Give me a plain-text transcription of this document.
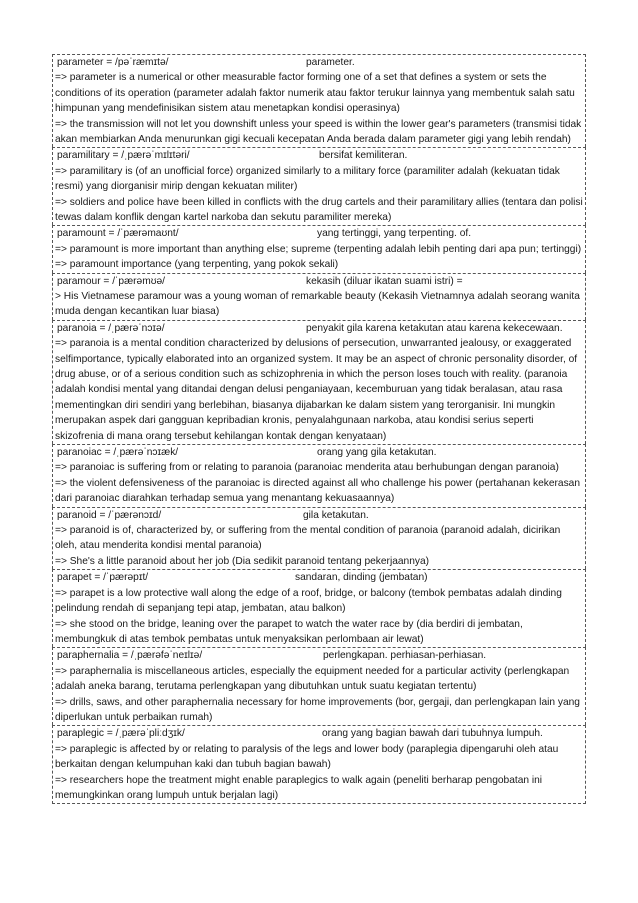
parameter = /pəˈræmɪtə/	parameter.
=> parameter is a numerical or other measurable factor forming one of a set that defines a system or sets the conditions of its operation (parameter adalah faktor numerik atau faktor terukur lainnya yang membentuk salah satu himpunan yang mendefinisikan sistem atau menetapkan kondisi operasinya)
=> the transmission will not let you downshift unless your speed is within the lower gear's parameters (transmisi tidak akan membiarkan Anda menurunkan gigi kecuali kecepatan Anda berada dalam parameter gigi yang lebih rendah)
paramilitary = /ˌpærəˈmɪlɪtəri/	bersifat kemiliteran.
=> paramilitary is (of an unofficial force) organized similarly to a military force (paramiliter adalah (kekuatan tidak resmi) yang diorganisir mirip dengan kekuatan militer)
=> soldiers and police have been killed in conflicts with the drug cartels and their paramilitary allies (tentara dan polisi tewas dalam konflik dengan kartel narkoba dan sekutu paramiliter mereka)
paramount = /ˈpærəmaʊnt/	yang tertinggi, yang terpenting. of.
=> paramount is more important than anything else; supreme (terpenting adalah lebih penting dari apa pun; tertinggi)
=> paramount importance (yang terpenting, yang pokok sekali)
paramour = /ˈpærəmʊə/	kekasih (diluar ikatan suami istri) =
> His Vietnamese paramour was a young woman of remarkable beauty (Kekasih Vietnamnya adalah seorang wanita muda dengan kecantikan luar biasa)
paranoia = /ˌpærəˈnɔɪə/	penyakit gila karena ketakutan atau karena kekecewaan.
=> paranoia is a mental condition characterized by delusions of persecution, unwarranted jealousy, or exaggerated selfimportance, typically elaborated into an organized system. It may be an aspect of chronic personality disorder, of drug abuse, or of a serious condition such as schizophrenia in which the person loses touch with reality. (paranoia adalah kondisi mental yang ditandai dengan delusi penganiayaan, kecemburuan yang tidak beralasan, atau rasa mementingkan diri sendiri yang berlebihan, biasanya dijabarkan ke dalam sistem yang terorganisir. Ini mungkin merupakan aspek dari gangguan kepribadian kronis, penyalahgunaan narkoba, atau kondisi serius seperti skizofrenia di mana orang tersebut kehilangan kontak dengan kenyataan)
paranoiac = /ˌpærəˈnɔɪæk/	orang yang gila ketakutan.
=> paranoiac is suffering from or relating to paranoia (paranoiac menderita atau berhubungan dengan paranoia)
=> the violent defensiveness of the paranoiac is directed against all who challenge his power (pertahanan kekerasan dari paranoiac diarahkan terhadap semua yang menantang kekuasaannya)
paranoid = /ˈpærənɔɪd/	gila ketakutan.
=> paranoid is of, characterized by, or suffering from the mental condition of paranoia (paranoid adalah, dicirikan oleh, atau menderita kondisi mental paranoia)
=> She's a little paranoid about her job (Dia sedikit paranoid tentang pekerjaannya)
parapet = /ˈpærəpɪt/	sandaran, dinding (jembatan)
=> parapet is a low protective wall along the edge of a roof, bridge, or balcony (tembok pembatas adalah dinding pelindung rendah di sepanjang tepi atap, jembatan, atau balkon)
=> she stood on the bridge, leaning over the parapet to watch the water race by (dia berdiri di jembatan, membungkuk di atas tembok pembatas untuk menyaksikan perlombaan air lewat)
paraphernalia = /ˌpærəfəˈneɪlɪə/	perlengkapan. perhiasan-perhiasan.
=> paraphernalia is miscellaneous articles, especially the equipment needed for a particular activity (perlengkapan adalah aneka barang, terutama perlengkapan yang dibutuhkan untuk suatu kegiatan tertentu)
=> drills, saws, and other paraphernalia necessary for home improvements (bor, gergaji, dan perlengkapan lain yang diperlukan untuk perbaikan rumah)
paraplegic = /ˌpærəˈpliːdʒɪk/	orang yang bagian bawah dari tubuhnya lumpuh.
=> paraplegic is affected by or relating to paralysis of the legs and lower body (paraplegia dipengaruhi oleh atau berkaitan dengan kelumpuhan kaki dan tubuh bagian bawah)
=> researchers hope the treatment might enable paraplegics to walk again (peneliti berharap pengobatan ini memungkinkan orang lumpuh untuk berjalan lagi)
